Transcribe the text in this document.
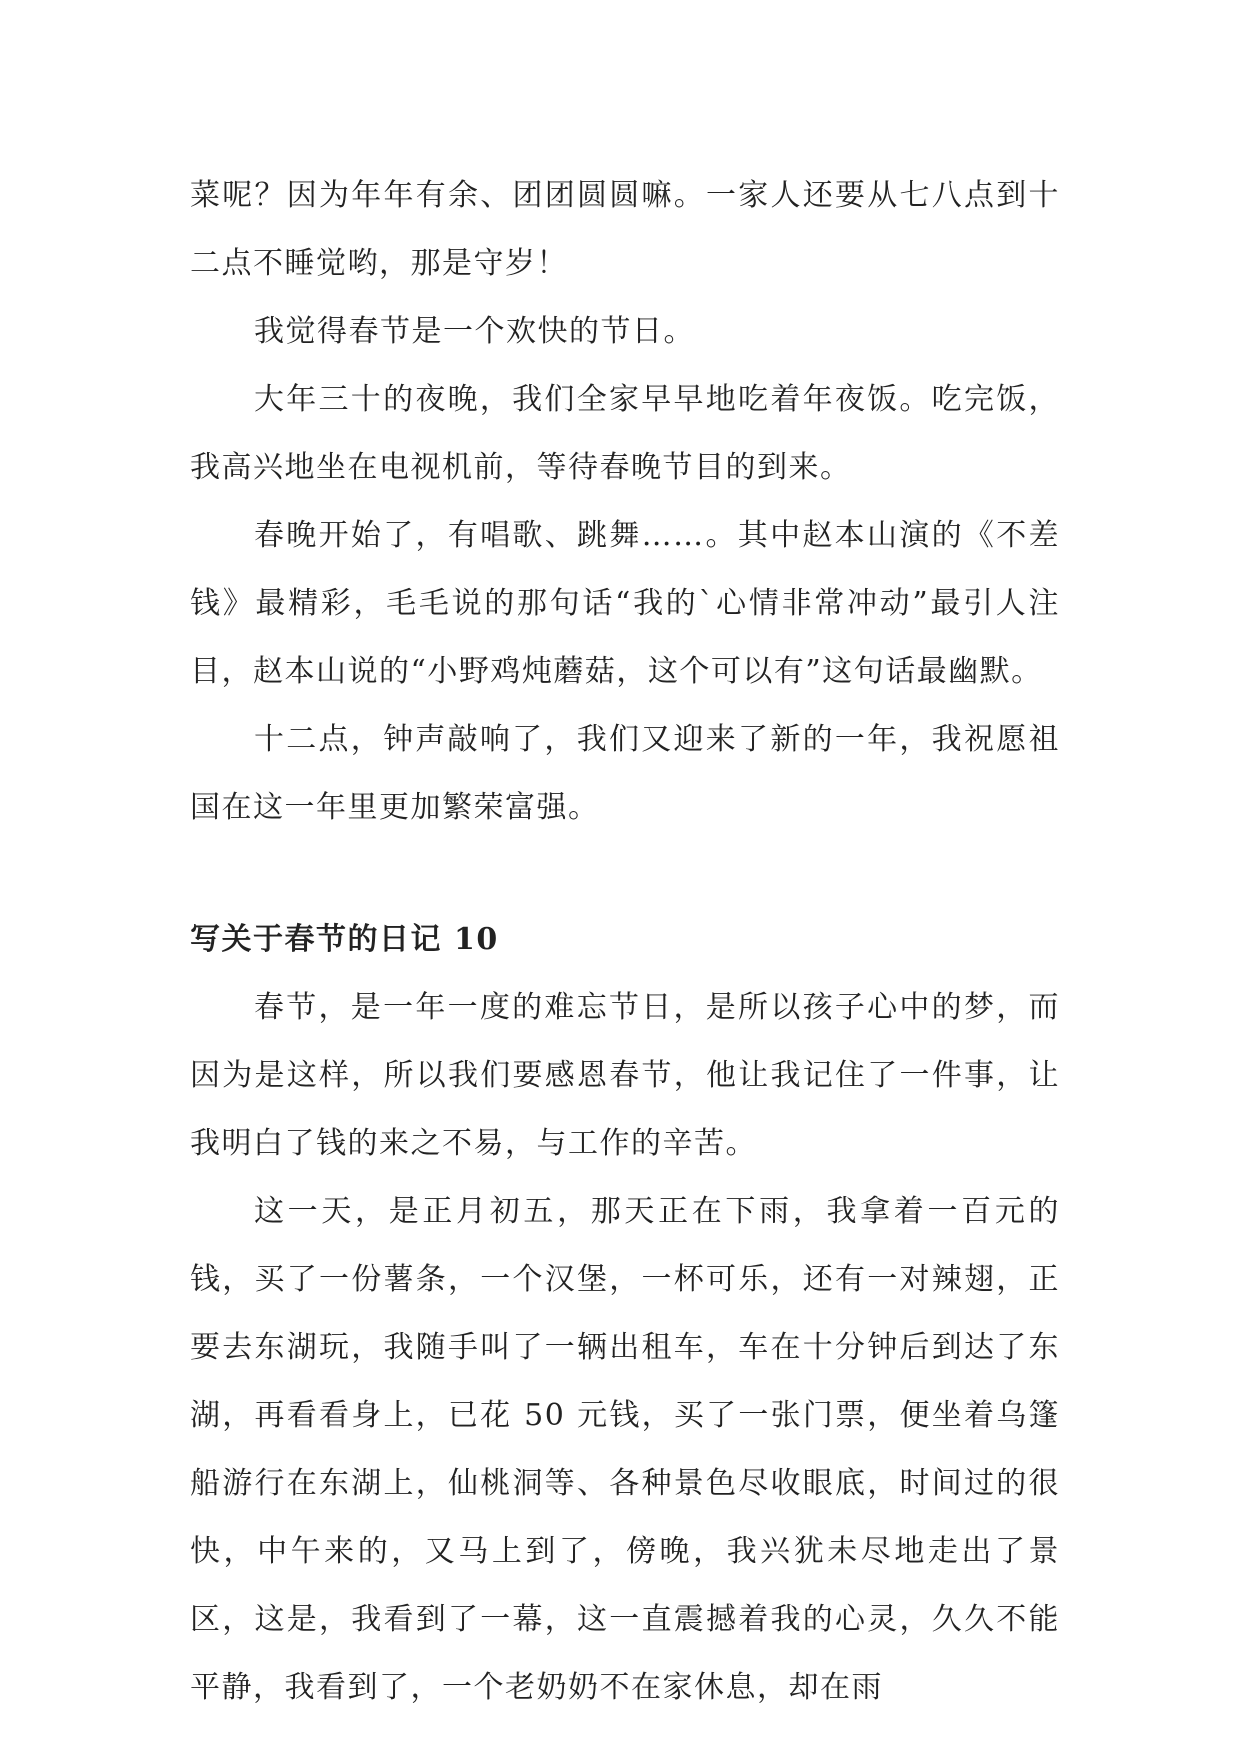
菜呢？因为年年有余、团团圆圆嘛。一家人还要从七八点到十二点不睡觉哟，那是守岁！

我觉得春节是一个欢快的节日。

大年三十的夜晚，我们全家早早地吃着年夜饭。吃完饭，我高兴地坐在电视机前，等待春晚节目的到来。

春晚开始了，有唱歌、跳舞……。其中赵本山演的《不差钱》最精彩，毛毛说的那句话“我的`心情非常冲动”最引人注目，赵本山说的“小野鸡炖蘑菇，这个可以有”这句话最幽默。

十二点，钟声敲响了，我们又迎来了新的一年，我祝愿祖国在这一年里更加繁荣富强。

写关于春节的日记 10

春节，是一年一度的难忘节日，是所以孩子心中的梦，而因为是这样，所以我们要感恩春节，他让我记住了一件事，让我明白了钱的来之不易，与工作的辛苦。

这一天，是正月初五，那天正在下雨，我拿着一百元的钱，买了一份薯条，一个汉堡，一杯可乐，还有一对辣翅，正要去东湖玩，我随手叫了一辆出租车，车在十分钟后到达了东湖，再看看身上，已花 50 元钱，买了一张门票，便坐着乌篷船游行在东湖上，仙桃洞等、各种景色尽收眼底，时间过的很快，中午来的，又马上到了，傍晚，我兴犹未尽地走出了景区，这是，我看到了一幕，这一直震撼着我的心灵，久久不能平静，我看到了，一个老奶奶不在家休息，却在雨
